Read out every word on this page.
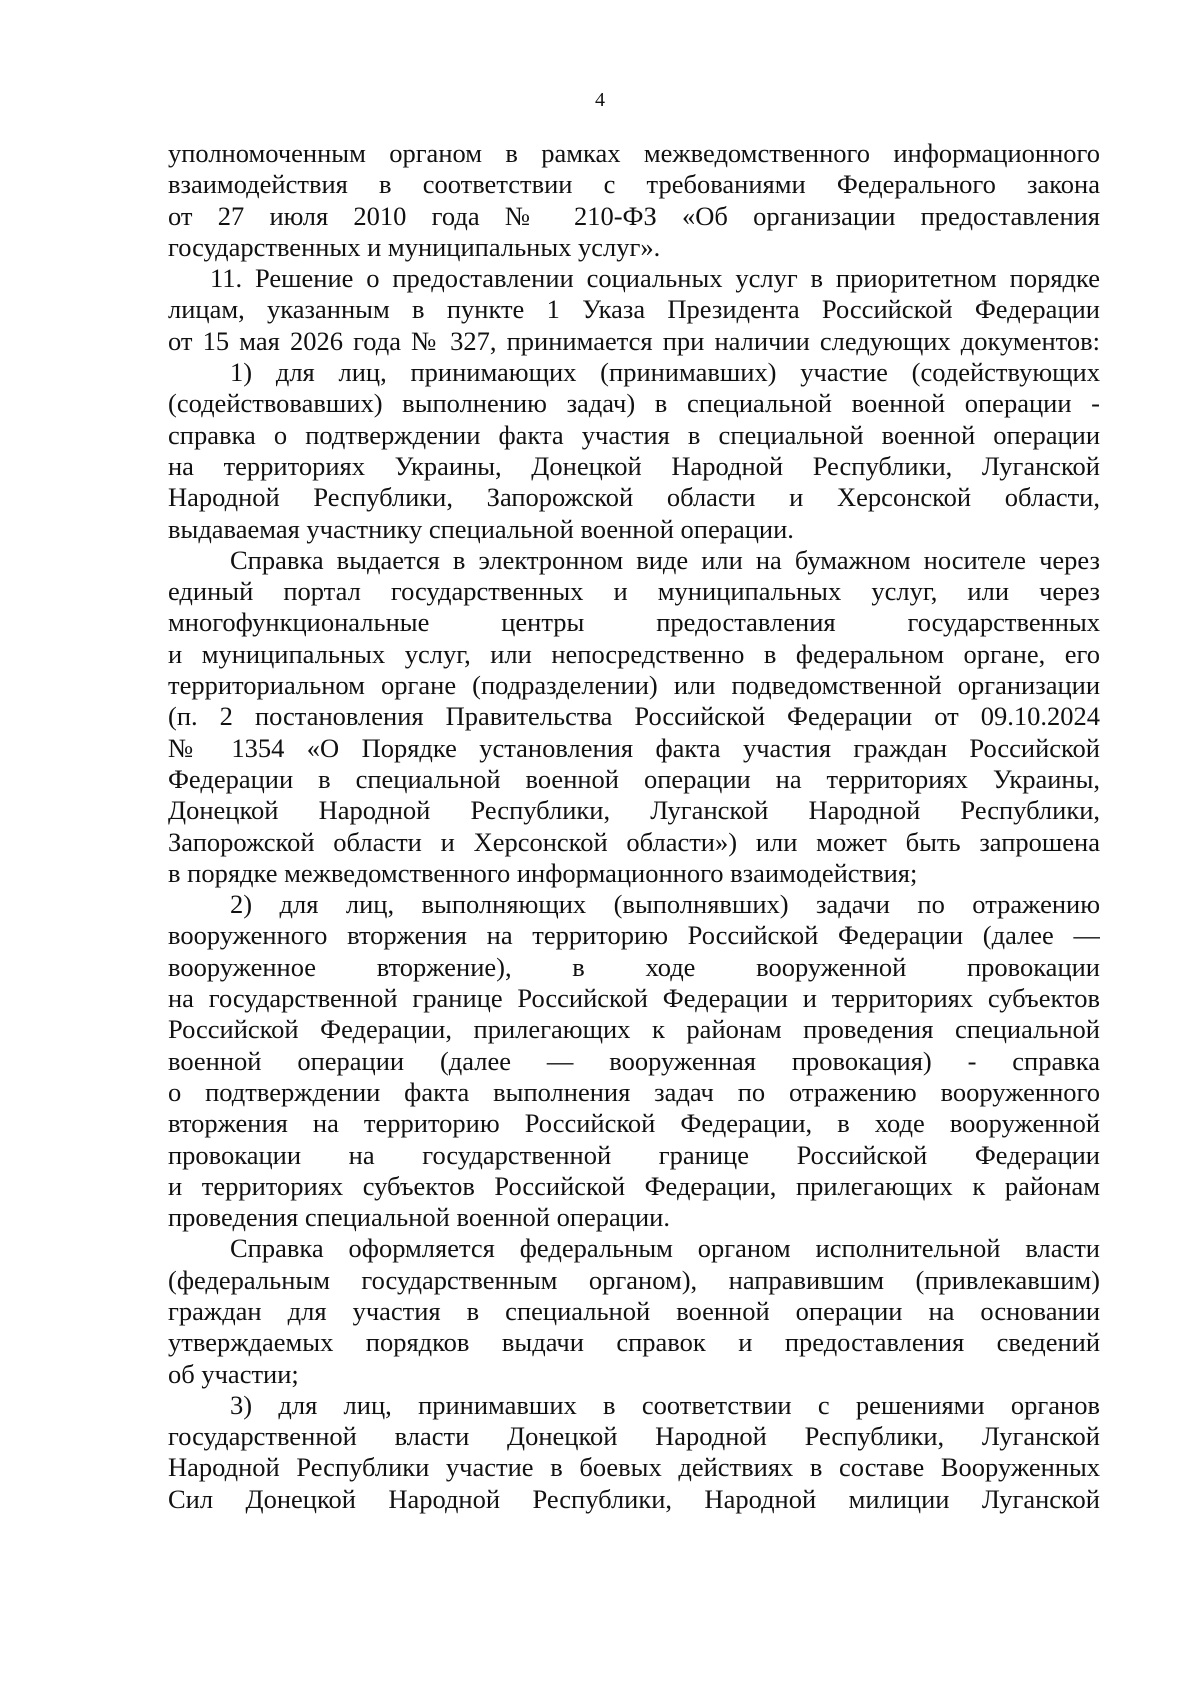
4
уполномоченным органом в рамках межведомственного информационного
взаимодействия в соответствии с требованиями Федерального закона
от 27 июля 2010 года № 210-ФЗ «Об организации предоставления
государственных и муниципальных услуг».
11. Решение о предоставлении социальных услуг в приоритетном порядке
лицам, указанным в пункте 1 Указа Президента Российской Федерации
от 15 мая 2026 года № 327, принимается при наличии следующих документов:
1) для лиц, принимающих (принимавших) участие (содействующих
(содействовавших) выполнению задач) в специальной военной операции -
справка о подтверждении факта участия в специальной военной операции
на территориях Украины, Донецкой Народной Республики, Луганской
Народной Республики, Запорожской области и Херсонской области,
выдаваемая участнику специальной военной операции.
Справка выдается в электронном виде или на бумажном носителе через
единый портал государственных и муниципальных услуг, или через
многофункциональные центры предоставления государственных
и муниципальных услуг, или непосредственно в федеральном органе, его
территориальном органе (подразделении) или подведомственной организации
(п. 2 постановления Правительства Российской Федерации от 09.10.2024
№ 1354 «О Порядке установления факта участия граждан Российской
Федерации в специальной военной операции на территориях Украины,
Донецкой Народной Республики, Луганской Народной Республики,
Запорожской области и Херсонской области») или может быть запрошена
в порядке межведомственного информационного взаимодействия;
2) для лиц, выполняющих (выполнявших) задачи по отражению
вооруженного вторжения на территорию Российской Федерации (далее —
вооруженное вторжение), в ходе вооруженной провокации
на государственной границе Российской Федерации и территориях субъектов
Российской Федерации, прилегающих к районам проведения специальной
военной операции (далее — вооруженная провокация) - справка
о подтверждении факта выполнения задач по отражению вооруженного
вторжения на территорию Российской Федерации, в ходе вооруженной
провокации на государственной границе Российской Федерации
и территориях субъектов Российской Федерации, прилегающих к районам
проведения специальной военной операции.
Справка оформляется федеральным органом исполнительной власти
(федеральным государственным органом), направившим (привлекавшим)
граждан для участия в специальной военной операции на основании
утверждаемых порядков выдачи справок и предоставления сведений
об участии;
3) для лиц, принимавших в соответствии с решениями органов
государственной власти Донецкой Народной Республики, Луганской
Народной Республики участие в боевых действиях в составе Вооруженных
Сил Донецкой Народной Республики, Народной милиции Луганской
